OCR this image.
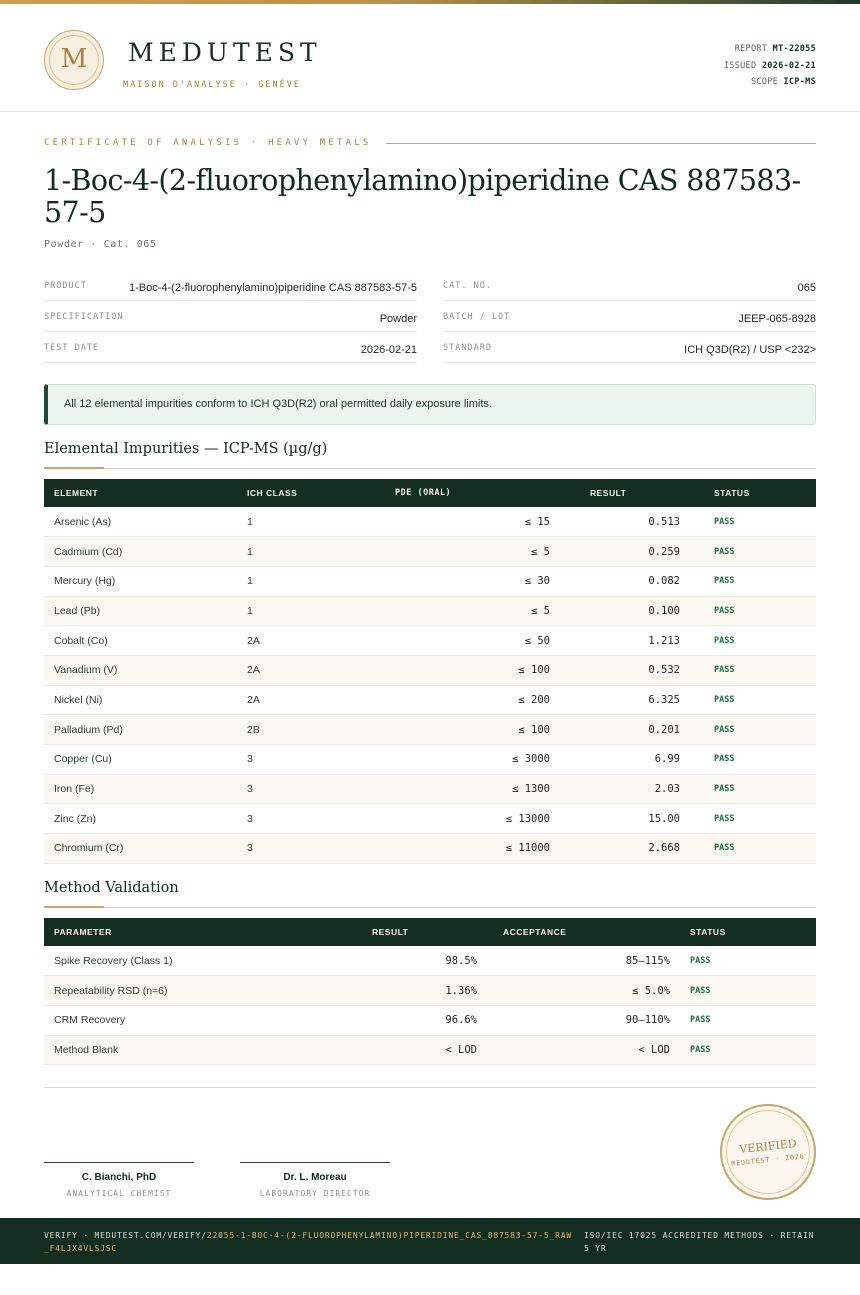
M	MEDUTEST
MAISON D'ANALYSE · GENÈVE
REPORT MT-22055
ISSUED 2026-02-21
SCOPE ICP-MS
CERTIFICATE OF ANALYSIS · HEAVY METALS
1-Boc-4-(2-fluorophenylamino)piperidine CAS 887583-57-5
Powder · Cat. 065
PRODUCT	1-Boc-4-(2-fluorophenylamino)piperidine CAS 887583-57-5
SPECIFICATION	Powder
TEST DATE	2026-02-21
CAT. NO.	065
BATCH / LOT	JEEP-065-8928
STANDARD	ICH Q3D(R2) / USP <232>
All 12 elemental impurities conform to ICH Q3D(R2) oral permitted daily exposure limits.
Elemental Impurities — ICP-MS (µg/g)
ELEMENT	ICH CLASS	PDE (ORAL)	RESULT	STATUS
Arsenic (As)	1	≤ 15	0.513	PASS
Cadmium (Cd)	1	≤ 5	0.259	PASS
Mercury (Hg)	1	≤ 30	0.082	PASS
Lead (Pb)	1	≤ 5	0.100	PASS
Cobalt (Co)	2A	≤ 50	1.213	PASS
Vanadium (V)	2A	≤ 100	0.532	PASS
Nickel (Ni)	2A	≤ 200	6.325	PASS
Palladium (Pd)	2B	≤ 100	0.201	PASS
Copper (Cu)	3	≤ 3000	6.99	PASS
Iron (Fe)	3	≤ 1300	2.03	PASS
Zinc (Zn)	3	≤ 13000	15.00	PASS
Chromium (Cr)	3	≤ 11000	2.668	PASS
Method Validation
PARAMETER	RESULT	ACCEPTANCE	STATUS
Spike Recovery (Class 1)	98.5%	85–115%	PASS
Repeatability RSD (n=6)	1.36%	≤ 5.0%	PASS
CRM Recovery	96.6%	90–110%	PASS
Method Blank	< LOD	< LOD	PASS
VERIFIED
MEDUTEST · 2026
C. Bianchi, PhD
ANALYTICAL CHEMIST
Dr. L. Moreau
LABORATORY DIRECTOR
VERIFY · MEDUTEST.COM/VERIFY/22055-1-BOC-4-(2-FLUOROPHENYLAMINO)PIPERIDINE_CAS_887583-57-5_RAW_F4LJX4VLSJSC
ISO/IEC 17025 ACCREDITED METHODS · RETAIN 5 YR
